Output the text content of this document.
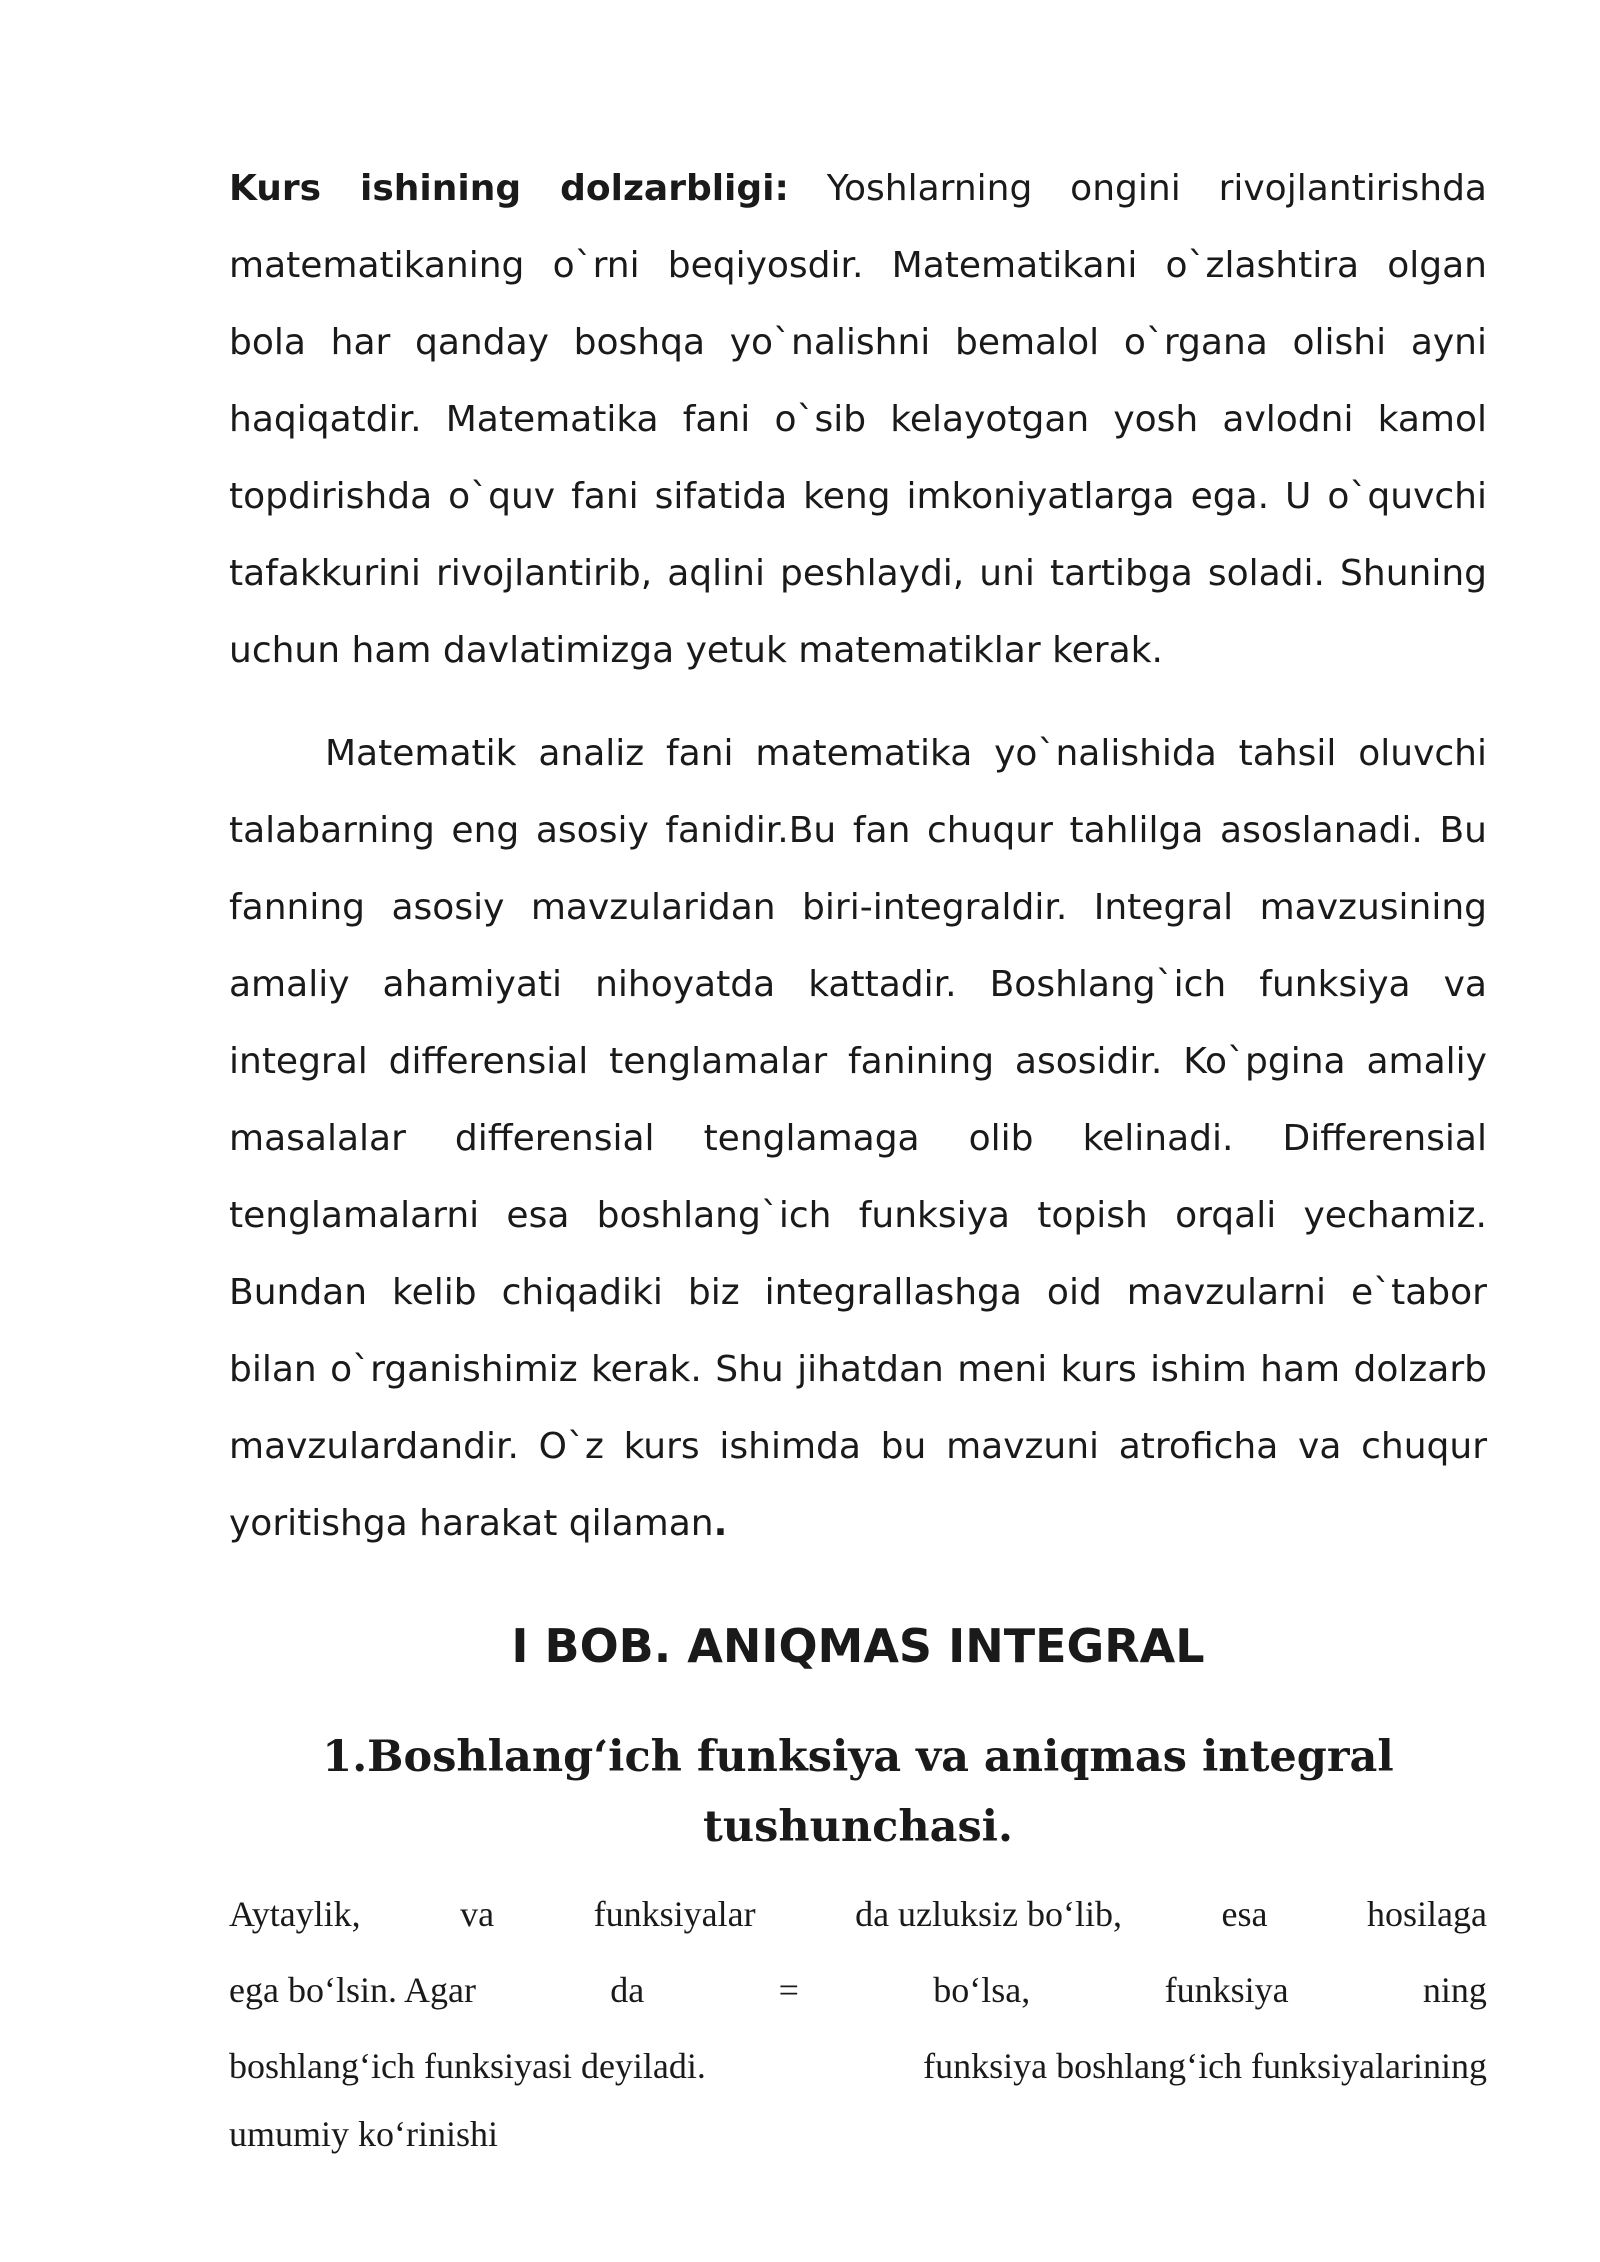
Kurs ishining dolzarbligi: Yoshlarning ongini rivojlantirishda matematikaning o`rni beqiyosdir. Matematikani o`zlashtira olgan bola har qanday boshqa yo`nalishni bemalol o`rgana olishi ayni haqiqatdir. Matematika fani o`sib kelayotgan yosh avlodni kamol topdirishda o`quv fani sifatida keng imkoniyatlarga ega. U o`quvchi tafakkurini rivojlantirib, aqlini peshlaydi, uni tartibga soladi. Shuning uchun ham davlatimizga yetuk matematiklar kerak.

Matematik analiz fani matematika yo`nalishida tahsil oluvchi talabarning eng asosiy fanidir.Bu fan chuqur tahlilga asoslanadi. Bu fanning asosiy mavzularidan biri-integraldir. Integral mavzusining amaliy ahamiyati nihoyatda kattadir. Boshlang`ich funksiya va integral differensial tenglamalar fanining asosidir. Ko`pgina amaliy masalalar differensial tenglamaga olib kelinadi. Differensial tenglamalarni esa boshlang`ich funksiya topish orqali yechamiz. Bundan kelib chiqadiki biz integrallashga oid mavzularni e`tabor bilan o`rganishimiz kerak. Shu jihatdan meni kurs ishim ham dolzarb mavzulardandir. O`z kurs ishimda bu mavzuni atroficha va chuqur yoritishga harakat qilaman.

I BOB. ANIQMAS INTEGRAL
1.Boshlang‘ich funksiya va aniqmas integral tushunchasi.
Aytaylik,	va	funksiyalar	da uzluksiz bo‘lib,	esa	hosilaga
ega bo‘lsin. Agar	da	=	bo‘lsa,	funksiya	ning
boshlang‘ich funksiyasi deyiladi.	funksiya boshlang‘ich funksiyalarining

umumiy ko‘rinishi
